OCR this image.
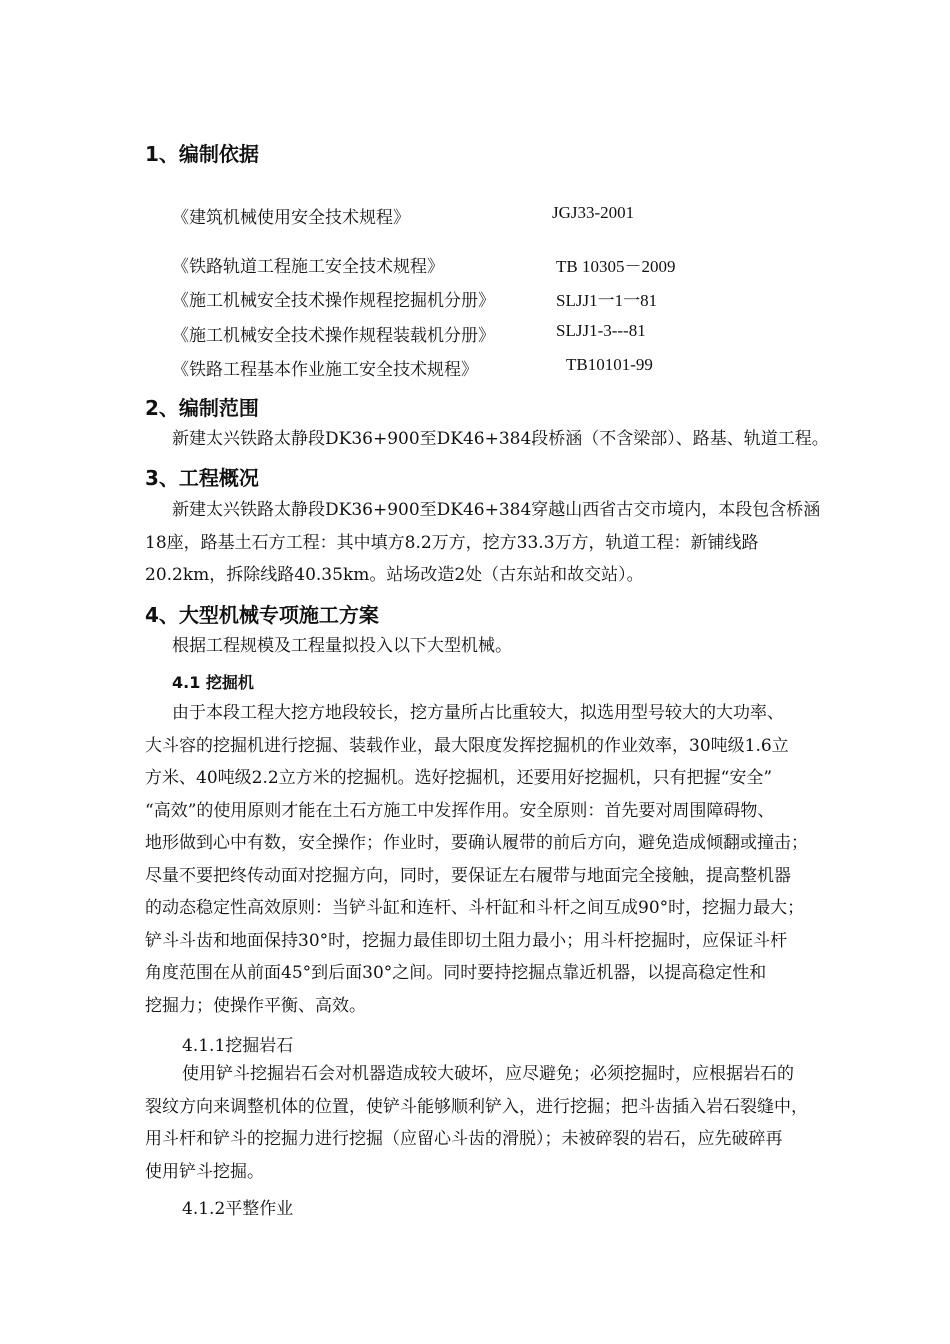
1、编制依据
《建筑机械使用安全技术规程》	JGJ33-2001
《铁路轨道工程施工安全技术规程》	TB 10305－2009
《施工机械安全技术操作规程挖掘机分册》	SLJJ1一1一81
《施工机械安全技术操作规程装载机分册》	SLJJ1-3---81
《铁路工程基本作业施工安全技术规程》	TB10101-99
2、编制范围
新建太兴铁路太静段DK36+900至DK46+384段桥涵（不含梁部）、路基、轨道工程。
3、工程概况
新建太兴铁路太静段DK36+900至DK46+384穿越山西省古交市境内，本段包含桥涵
18座，路基土石方工程：其中填方8.2万方，挖方33.3万方，轨道工程：新铺线路
20.2km，拆除线路40.35km。站场改造2处（古东站和故交站）。
4、大型机械专项施工方案
根据工程规模及工程量拟投入以下大型机械。
4.1 挖掘机
由于本段工程大挖方地段较长，挖方量所占比重较大，拟选用型号较大的大功率、
大斗容的挖掘机进行挖掘、装载作业，最大限度发挥挖掘机的作业效率，30吨级1.6立
方米、40吨级2.2立方米的挖掘机。选好挖掘机，还要用好挖掘机，只有把握“安全”
“高效”的使用原则才能在土石方施工中发挥作用。安全原则：首先要对周围障碍物、
地形做到心中有数，安全操作；作业时，要确认履带的前后方向，避免造成倾翻或撞击；
尽量不要把终传动面对挖掘方向，同时，要保证左右履带与地面完全接触，提高整机器
的动态稳定性高效原则：当铲斗缸和连杆、斗杆缸和斗杆之间互成90°时，挖掘力最大；
铲斗斗齿和地面保持30°时，挖掘力最佳即切土阻力最小；用斗杆挖掘时，应保证斗杆
角度范围在从前面45°到后面30°之间。同时要持挖掘点靠近机器，以提高稳定性和
挖掘力；使操作平衡、高效。
4.1.1挖掘岩石
使用铲斗挖掘岩石会对机器造成较大破坏，应尽避免；必须挖掘时，应根据岩石的
裂纹方向来调整机体的位置，使铲斗能够顺利铲入，进行挖掘；把斗齿插入岩石裂缝中，
用斗杆和铲斗的挖掘力进行挖掘（应留心斗齿的滑脱）；未被碎裂的岩石，应先破碎再
使用铲斗挖掘。
4.1.2平整作业
